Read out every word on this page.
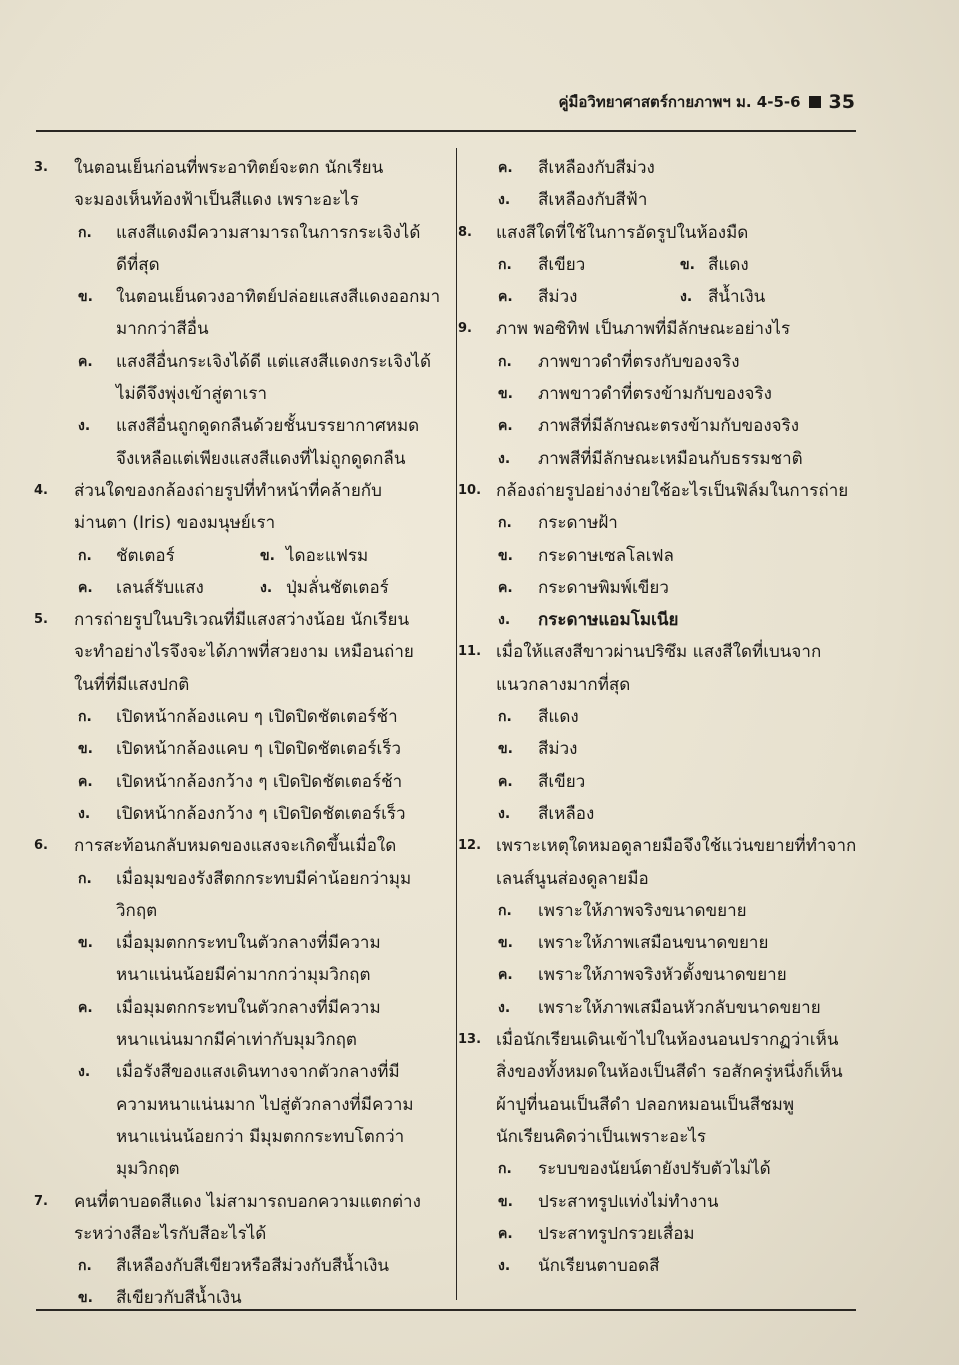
คู่มือวิทยาศาสตร์กายภาพฯ ม. 4-5-6 35
3. ในตอนเย็นก่อนที่พระอาทิตย์จะตก นักเรียน
จะมองเห็นท้องฟ้าเป็นสีแดง เพราะอะไร
ก. แสงสีแดงมีความสามารถในการกระเจิงได้
ดีที่สุด
ข. ในตอนเย็นดวงอาทิตย์ปล่อยแสงสีแดงออกมา
มากกว่าสีอื่น
ค. แสงสีอื่นกระเจิงได้ดี แต่แสงสีแดงกระเจิงได้
ไม่ดีจึงพุ่งเข้าสู่ตาเรา
ง. แสงสีอื่นถูกดูดกลืนด้วยชั้นบรรยากาศหมด
จึงเหลือแต่เพียงแสงสีแดงที่ไม่ถูกดูดกลืน
4. ส่วนใดของกล้องถ่ายรูปที่ทำหน้าที่คล้ายกับ
ม่านตา (Iris) ของมนุษย์เรา
ก. ชัตเตอร์	ข. ไดอะแฟรม
ค. เลนส์รับแสง	ง. ปุ่มลั่นชัตเตอร์
5. การถ่ายรูปในบริเวณที่มีแสงสว่างน้อย นักเรียน
จะทำอย่างไรจึงจะได้ภาพที่สวยงาม เหมือนถ่าย
ในที่ที่มีแสงปกติ
ก. เปิดหน้ากล้องแคบ ๆ เปิดปิดชัตเตอร์ช้า
ข. เปิดหน้ากล้องแคบ ๆ เปิดปิดชัตเตอร์เร็ว
ค. เปิดหน้ากล้องกว้าง ๆ เปิดปิดชัตเตอร์ช้า
ง. เปิดหน้ากล้องกว้าง ๆ เปิดปิดชัตเตอร์เร็ว
6. การสะท้อนกลับหมดของแสงจะเกิดขึ้นเมื่อใด
ก. เมื่อมุมของรังสีตกกระทบมีค่าน้อยกว่ามุม
วิกฤต
ข. เมื่อมุมตกกระทบในตัวกลางที่มีความ
หนาแน่นน้อยมีค่ามากกว่ามุมวิกฤต
ค. เมื่อมุมตกกระทบในตัวกลางที่มีความ
หนาแน่นมากมีค่าเท่ากับมุมวิกฤต
ง. เมื่อรังสีของแสงเดินทางจากตัวกลางที่มี
ความหนาแน่นมาก ไปสู่ตัวกลางที่มีความ
หนาแน่นน้อยกว่า มีมุมตกกระทบโตกว่า
มุมวิกฤต
7. คนที่ตาบอดสีแดง ไม่สามารถบอกความแตกต่าง
ระหว่างสีอะไรกับสีอะไรได้
ก. สีเหลืองกับสีเขียวหรือสีม่วงกับสีน้ำเงิน
ข. สีเขียวกับสีน้ำเงิน
ค. สีเหลืองกับสีม่วง
ง. สีเหลืองกับสีฟ้า
8. แสงสีใดที่ใช้ในการอัดรูปในห้องมืด
ก. สีเขียว	ข. สีแดง
ค. สีม่วง	ง. สีน้ำเงิน
9. ภาพ พอซิทิฟ เป็นภาพที่มีลักษณะอย่างไร
ก. ภาพขาวดำที่ตรงกับของจริง
ข. ภาพขาวดำที่ตรงข้ามกับของจริง
ค. ภาพสีที่มีลักษณะตรงข้ามกับของจริง
ง. ภาพสีที่มีลักษณะเหมือนกับธรรมชาติ
10. กล้องถ่ายรูปอย่างง่ายใช้อะไรเป็นฟิล์มในการถ่าย
ก. กระดาษฝ้า
ข. กระดาษเซลโลเฟล
ค. กระดาษพิมพ์เขียว
ง. กระดาษแอมโมเนีย
11. เมื่อให้แสงสีขาวผ่านปริซึม แสงสีใดที่เบนจาก
แนวกลางมากที่สุด
ก. สีแดง
ข. สีม่วง
ค. สีเขียว
ง. สีเหลือง
12. เพราะเหตุใดหมอดูลายมือจึงใช้แว่นขยายที่ทำจาก
เลนส์นูนส่องดูลายมือ
ก. เพราะให้ภาพจริงขนาดขยาย
ข. เพราะให้ภาพเสมือนขนาดขยาย
ค. เพราะให้ภาพจริงหัวตั้งขนาดขยาย
ง. เพราะให้ภาพเสมือนหัวกลับขนาดขยาย
13. เมื่อนักเรียนเดินเข้าไปในห้องนอนปรากฏว่าเห็น
สิ่งของทั้งหมดในห้องเป็นสีดำ รอสักครู่หนึ่งก็เห็น
ผ้าปูที่นอนเป็นสีดำ ปลอกหมอนเป็นสีชมพู
นักเรียนคิดว่าเป็นเพราะอะไร
ก. ระบบของนัยน์ตายังปรับตัวไม่ได้
ข. ประสาทรูปแท่งไม่ทำงาน
ค. ประสาทรูปกรวยเสื่อม
ง. นักเรียนตาบอดสี
